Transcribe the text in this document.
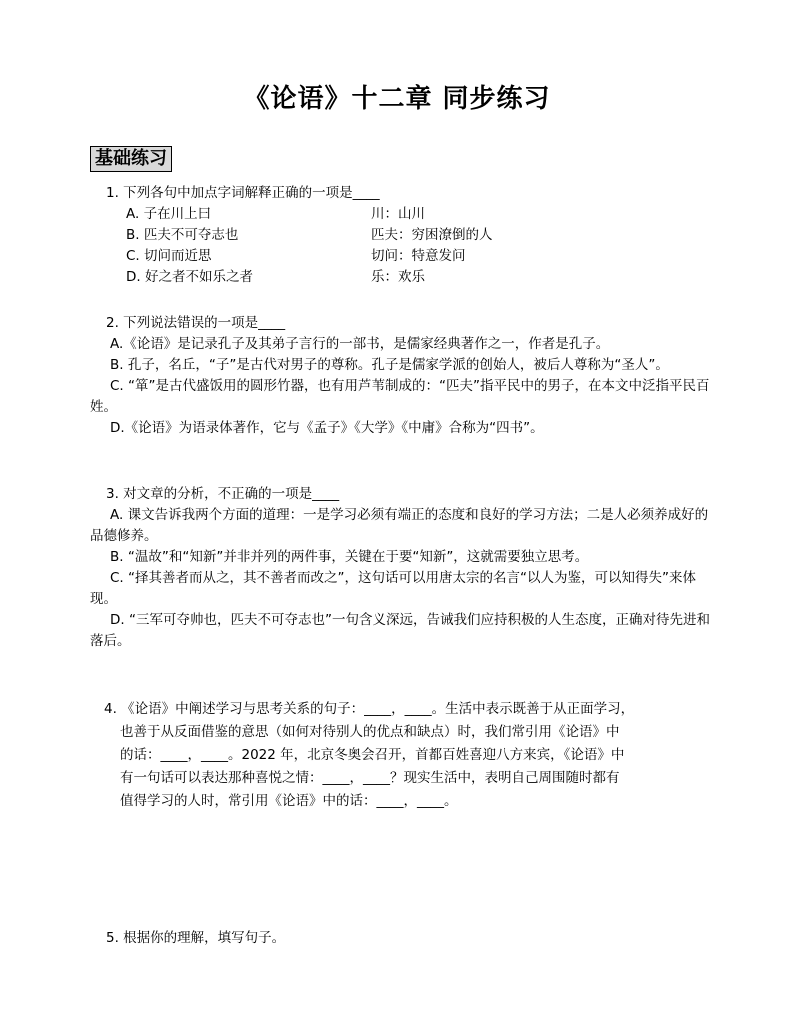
《论语》十二章 同步练习
基础练习
1. 下列各句中加点字词解释正确的一项是____
A. 子在川上曰	川：山川
B. 匹夫不可夺志也	匹夫：穷困潦倒的人
C. 切问而近思	切问：特意发问
D. 好之者不如乐之者	乐：欢乐
2. 下列说法错误的一项是____
A.《论语》是记录孔子及其弟子言行的一部书，是儒家经典著作之一，作者是孔子。
B. 孔子，名丘，“子”是古代对男子的尊称。孔子是儒家学派的创始人，被后人尊称为“圣人”。
C. “箪”是古代盛饭用的圆形竹器，也有用芦苇制成的：“匹夫”指平民中的男子，在本文中泛指平民百姓。
D.《论语》为语录体著作，它与《孟子》《大学》《中庸》合称为“四书”。
3. 对文章的分析，不正确的一项是____
A. 课文告诉我两个方面的道理：一是学习必须有端正的态度和良好的学习方法；二是人必须养成好的品德修养。
B. “温故”和“知新”并非并列的两件事，关键在于要“知新”，这就需要独立思考。
C. “择其善者而从之，其不善者而改之”，这句话可以用唐太宗的名言“以人为鉴，可以知得失”来体现。
D. “三军可夺帅也，匹夫不可夺志也”一句含义深远，告诫我们应持积极的人生态度，正确对待先进和落后。
4. 《论语》中阐述学习与思考关系的句子：____，____。生活中表示既善于从正面学习，
也善于从反面借鉴的意思（如何对待别人的优点和缺点）时，我们常引用《论语》中
的话：____，____。2022 年，北京冬奥会召开，首都百姓喜迎八方来宾，《论语》中
有一句话可以表达那种喜悦之情：____，____？现实生活中，表明自己周围随时都有
值得学习的人时，常引用《论语》中的话：____，____。
5. 根据你的理解，填写句子。
